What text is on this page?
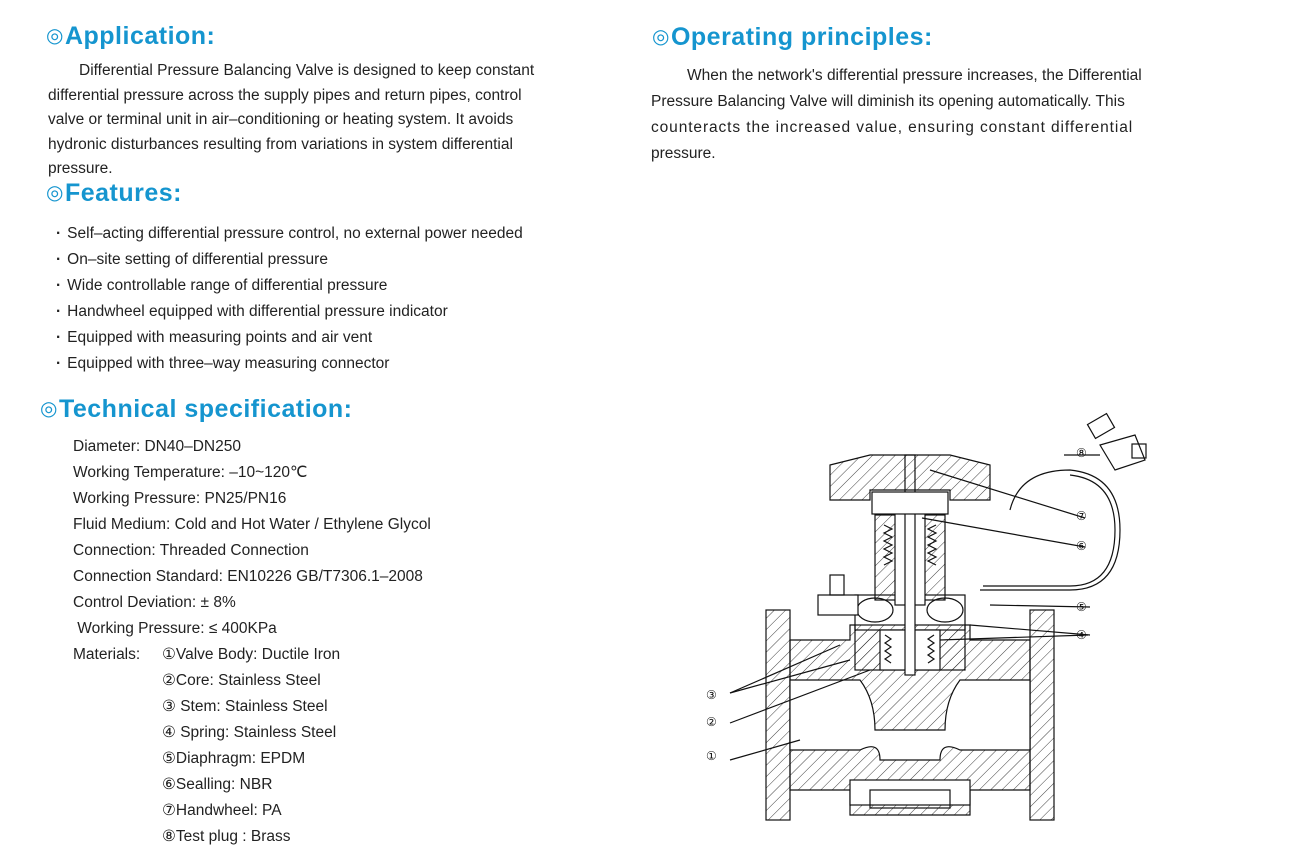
◎Application:
Differential Pressure Balancing Valve is designed to keep constant
differential pressure across the supply pipes and return pipes, control
valve or terminal unit in air–conditioning or heating system. It avoids
hydronic disturbances resulting from variations in system differential
pressure.
◎Features:
· Self–acting differential pressure control, no external power needed
· On–site setting of differential pressure
· Wide controllable range of differential pressure
· Handwheel equipped with differential pressure indicator
· Equipped with measuring points and air vent
· Equipped with three–way measuring connector
◎Technical specification:
Diameter: DN40–DN250
Working Temperature: –10~120℃
Working Pressure: PN25/PN16
Fluid Medium: Cold and Hot Water / Ethylene Glycol
Connection: Threaded Connection
Connection Standard: EN10226 GB/T7306.1–2008
Control Deviation: ± 8%
Working Pressure: ≤ 400KPa
Materials: ①Valve Body: Ductile Iron
②Core: Stainless Steel
③ Stem: Stainless Steel
④ Spring: Stainless Steel
⑤Diaphragm: EPDM
⑥Sealling: NBR
⑦Handwheel: PA
⑧Test plug : Brass
◎Operating principles:
When the network's differential pressure increases, the Differential
Pressure Balancing Valve will diminish its opening automatically. This
counteracts the increased value, ensuring constant differential
pressure.
⑧
⑦
⑥
⑤
④
③
②
①
